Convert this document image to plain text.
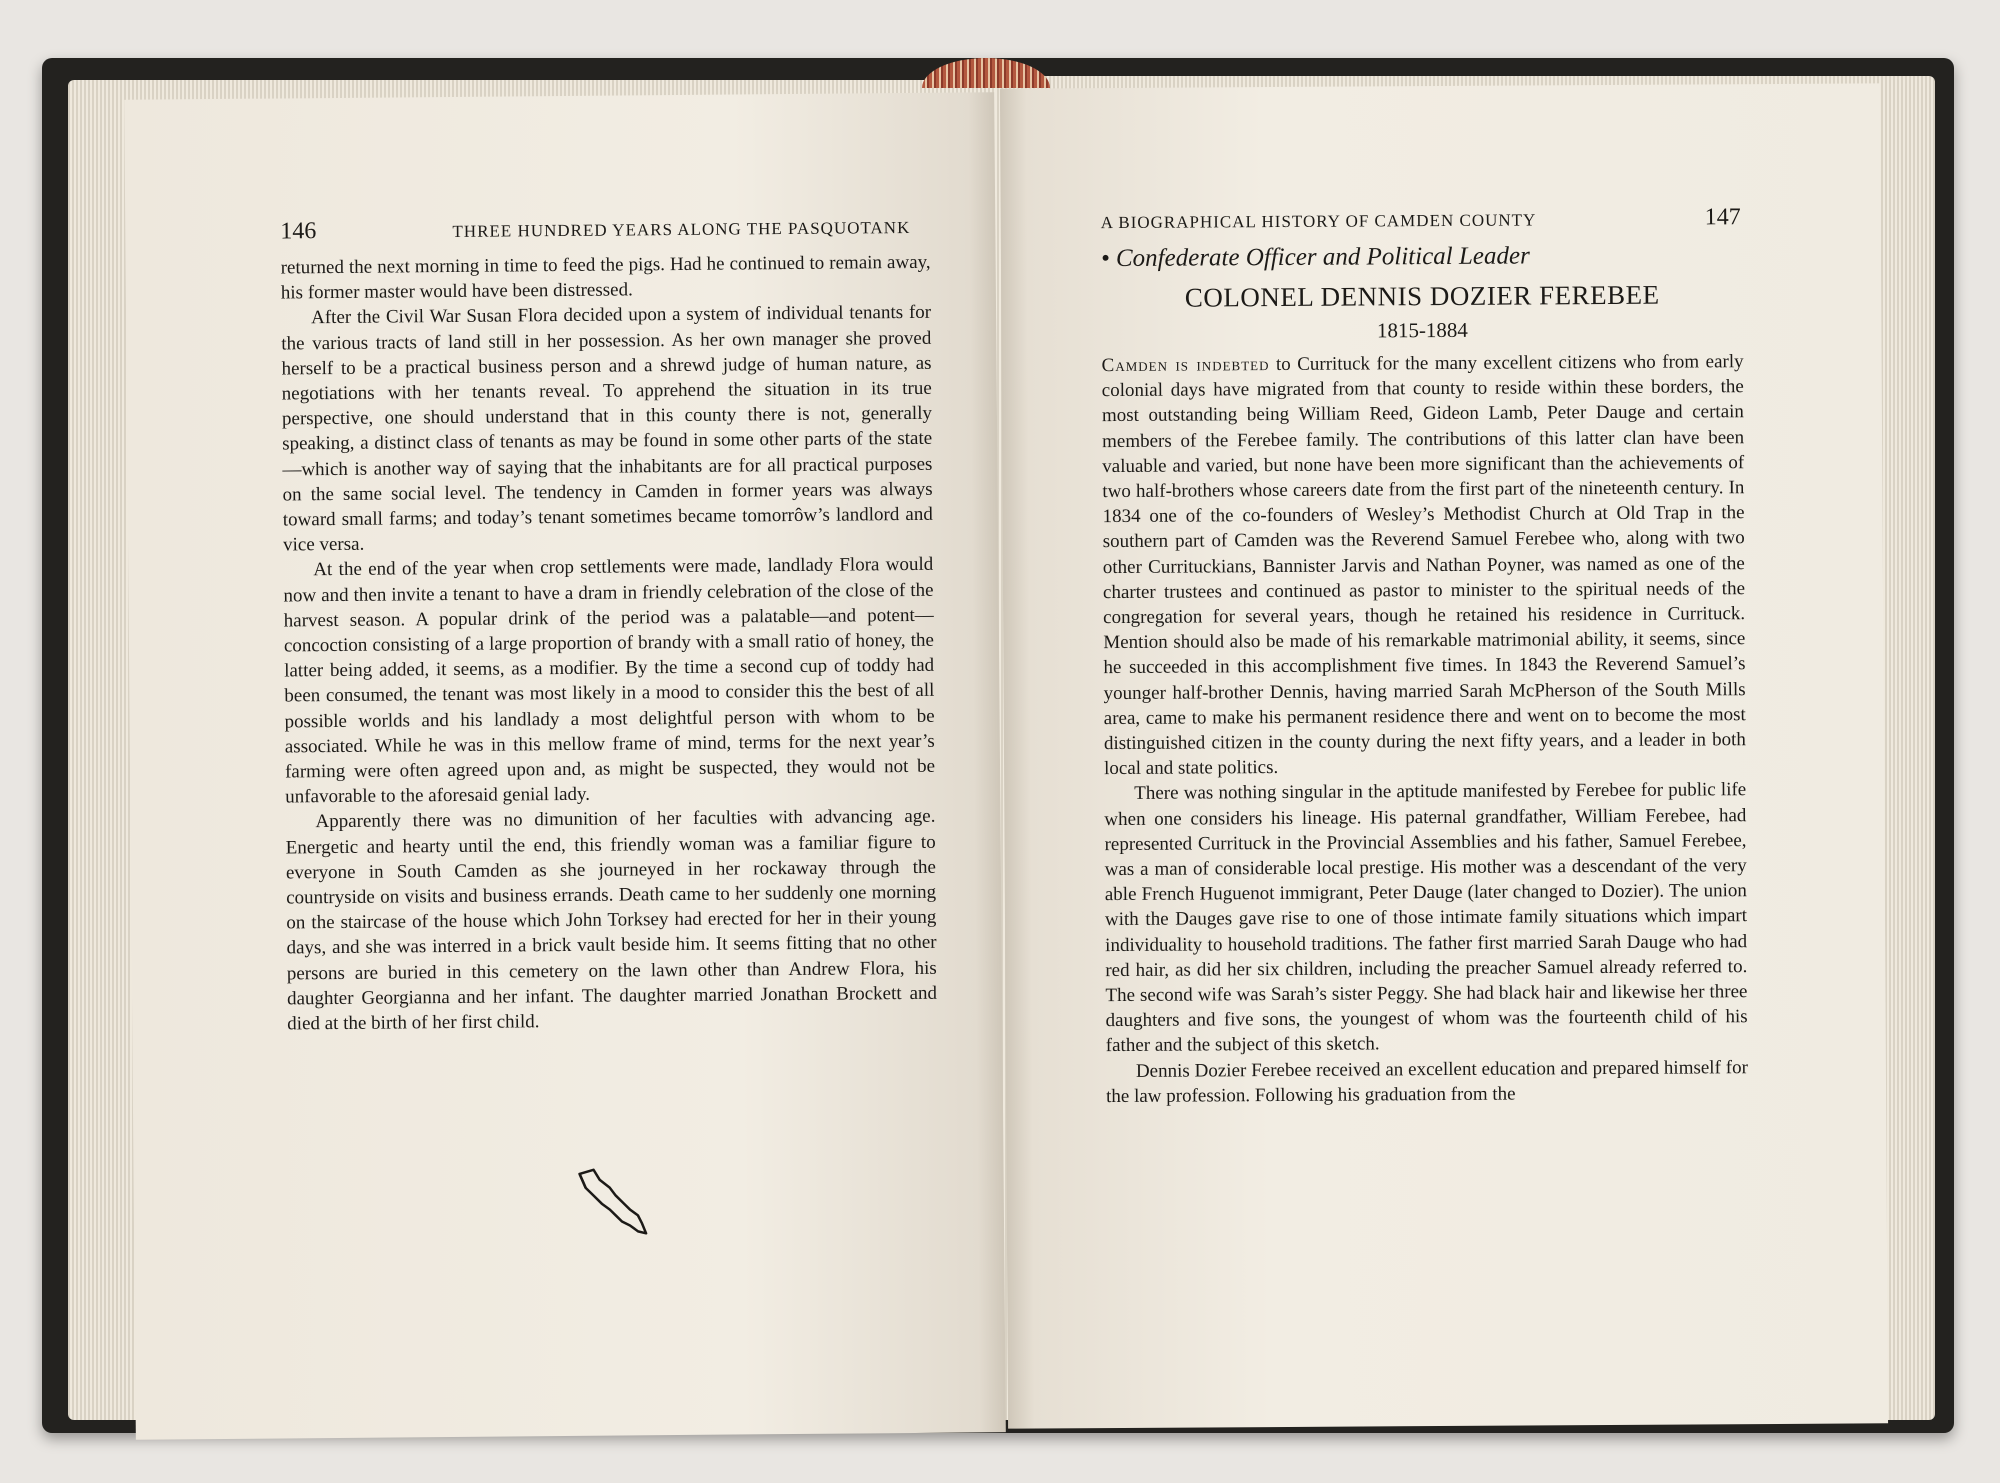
146	THREE HUNDRED YEARS ALONG THE PASQUOTANK

returned the next morning in time to feed the pigs. Had he continued to remain away, his former master would have been distressed.

After the Civil War Susan Flora decided upon a system of individual tenants for the various tracts of land still in her possession. As her own manager she proved herself to be a practical business person and a shrewd judge of human nature, as negotiations with her tenants reveal. To apprehend the situation in its true perspective, one should understand that in this county there is not, generally speaking, a distinct class of tenants as may be found in some other parts of the state—which is another way of saying that the inhabitants are for all practical purposes on the same social level. The tendency in Camden in former years was always toward small farms; and today’s tenant sometimes became tomorrôw’s landlord and vice versa.

At the end of the year when crop settlements were made, landlady Flora would now and then invite a tenant to have a dram in friendly celebration of the close of the harvest season. A popular drink of the period was a palatable—and potent—concoction consisting of a large proportion of brandy with a small ratio of honey, the latter being added, it seems, as a modifier. By the time a second cup of toddy had been consumed, the tenant was most likely in a mood to consider this the best of all possible worlds and his landlady a most delightful person with whom to be associated. While he was in this mellow frame of mind, terms for the next year’s farming were often agreed upon and, as might be suspected, they would not be unfavorable to the aforesaid genial lady.

Apparently there was no dimunition of her faculties with advancing age. Energetic and hearty until the end, this friendly woman was a familiar figure to everyone in South Camden as she journeyed in her rockaway through the countryside on visits and business errands. Death came to her suddenly one morning on the staircase of the house which John Torksey had erected for her in their young days, and she was interred in a brick vault beside him. It seems fitting that no other persons are buried in this cemetery on the lawn other than Andrew Flora, his daughter Georgianna and her infant. The daughter married Jonathan Brockett and died at the birth of her first child.

A BIOGRAPHICAL HISTORY OF CAMDEN COUNTY	147
• Confederate Officer and Political Leader
COLONEL DENNIS DOZIER FEREBEE
1815-1884

Camden is indebted to Currituck for the many excellent citizens who from early colonial days have migrated from that county to reside within these borders, the most outstanding being William Reed, Gideon Lamb, Peter Dauge and certain members of the Ferebee family. The contributions of this latter clan have been valuable and varied, but none have been more significant than the achievements of two half-brothers whose careers date from the first part of the nineteenth century. In 1834 one of the co-founders of Wesley’s Methodist Church at Old Trap in the southern part of Camden was the Reverend Samuel Ferebee who, along with two other Currituckians, Bannister Jarvis and Nathan Poyner, was named as one of the charter trustees and continued as pastor to minister to the spiritual needs of the congregation for several years, though he retained his residence in Currituck. Mention should also be made of his remarkable matrimonial ability, it seems, since he succeeded in this accomplishment five times. In 1843 the Reverend Samuel’s younger half-brother Dennis, having married Sarah McPherson of the South Mills area, came to make his permanent residence there and went on to become the most distinguished citizen in the county during the next fifty years, and a leader in both local and state politics.

There was nothing singular in the aptitude manifested by Ferebee for public life when one considers his lineage. His paternal grandfather, William Ferebee, had represented Currituck in the Provincial Assemblies and his father, Samuel Ferebee, was a man of considerable local prestige. His mother was a descendant of the very able French Huguenot immigrant, Peter Dauge (later changed to Dozier). The union with the Dauges gave rise to one of those intimate family situations which impart individuality to household traditions. The father first married Sarah Dauge who had red hair, as did her six children, including the preacher Samuel already referred to. The second wife was Sarah’s sister Peggy. She had black hair and likewise her three daughters and five sons, the youngest of whom was the fourteenth child of his father and the subject of this sketch.

Dennis Dozier Ferebee received an excellent education and prepared himself for the law profession. Following his graduation from the
